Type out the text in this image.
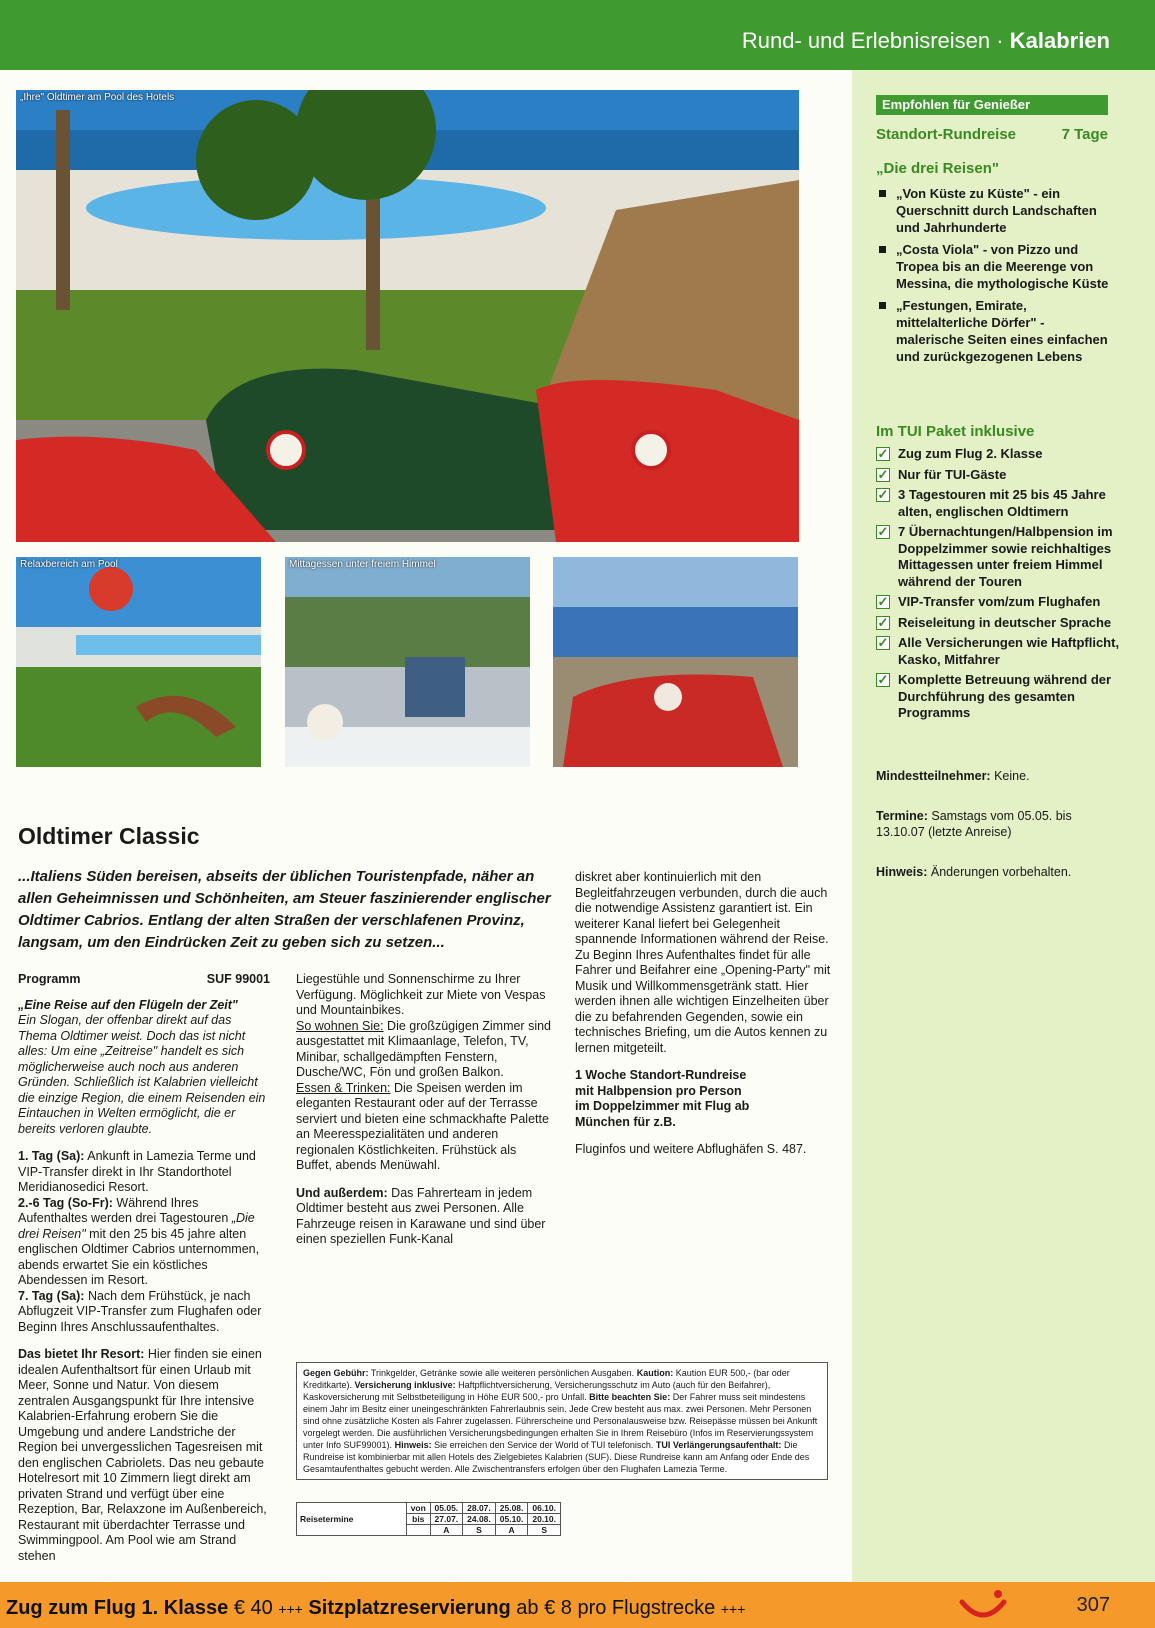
Rund- und Erlebnisreisen · Kalabrien
„Ihre" Oldtimer am Pool des Hotels
Relaxbereich am Pool	Mittagessen unter freiem Himmel
Oldtimer Classic
...Italiens Süden bereisen, abseits der üblichen Touristenpfade, näher an allen Geheimnissen und Schönheiten, am Steuer faszinierender englischer Oldtimer Cabrios. Entlang der alten Straßen der verschlafenen Provinz, langsam, um den Eindrücken Zeit zu geben sich zu setzen...
Programm	SUF 99001

„Eine Reise auf den Flügeln der Zeit"
Ein Slogan, der offenbar direkt auf das Thema Oldtimer weist. Doch das ist nicht alles: Um eine „Zeitreise" handelt es sich möglicherweise auch noch aus anderen Gründen. Schließlich ist Kalabrien vielleicht die einzige Region, die einem Reisenden ein Eintauchen in Welten ermöglicht, die er bereits verloren glaubte.

1. Tag (Sa): Ankunft in Lamezia Terme und VIP-Transfer direkt in Ihr Standorthotel Meridianosedici Resort.
2.-6 Tag (So-Fr): Während Ihres Aufenthaltes werden drei Tagestouren „Die drei Reisen" mit den 25 bis 45 jahre alten englischen Oldtimer Cabrios unternommen, abends erwartet Sie ein köstliches Abendessen im Resort.
7. Tag (Sa): Nach dem Frühstück, je nach Abflugzeit VIP-Transfer zum Flughafen oder Beginn Ihres Anschlussaufenthaltes.

Das bietet Ihr Resort: Hier finden sie einen idealen Aufenthaltsort für einen Urlaub mit Meer, Sonne und Natur. Von diesem zentralen Ausgangspunkt für Ihre intensive Kalabrien-Erfahrung erobern Sie die Umgebung und andere Landstriche der Region bei unvergesslichen Tagesreisen mit den englischen Cabriolets. Das neu gebaute Hotelresort mit 10 Zimmern liegt direkt am privaten Strand und verfügt über eine Rezeption, Bar, Relaxzone im Außenbereich, Restaurant mit überdachter Terrasse und Swimmingpool. Am Pool wie am Strand stehen

Liegestühle und Sonnenschirme zu Ihrer Verfügung. Möglichkeit zur Miete von Vespas und Mountainbikes.
So wohnen Sie: Die großzügigen Zimmer sind ausgestattet mit Klimaanlage, Telefon, TV, Minibar, schallgedämpften Fenstern, Dusche/WC, Fön und großen Balkon.
Essen & Trinken: Die Speisen werden im eleganten Restaurant oder auf der Terrasse serviert und bieten eine schmackhafte Palette an Meeresspezialitäten und anderen regionalen Köstlichkeiten. Frühstück als Buffet, abends Menüwahl.

Und außerdem: Das Fahrerteam in jedem Oldtimer besteht aus zwei Personen. Alle Fahrzeuge reisen in Karawane und sind über einen speziellen Funk-Kanal

diskret aber kontinuierlich mit den Begleitfahrzeugen verbunden, durch die auch die notwendige Assistenz garantiert ist. Ein weiterer Kanal liefert bei Gelegenheit spannende Informationen während der Reise. Zu Beginn Ihres Aufenthaltes findet für alle Fahrer und Beifahrer eine „Opening-Party" mit Musik und Willkommensgetränk statt. Hier werden ihnen alle wichtigen Einzelheiten über die zu befahrenden Gegenden, sowie ein technisches Briefing, um die Autos kennen zu lernen mitgeteilt.

1 Woche Standort-Rundreise mit Halbpension pro Person im Doppelzimmer mit Flug ab München für z.B.

Fluginfos und weitere Abflughäfen S. 487.

Gegen Gebühr: Trinkgelder, Getränke sowie alle weiteren persönlichen Ausgaben. Kaution: Kaution EUR 500,- (bar oder Kreditkarte). Versicherung inklusive: Haftpflichtversicherung, Versicherungsschutz im Auto (auch für den Beifahrer), Kaskoversicherung mit Selbstbeteiligung in Höhe EUR 500,- pro Unfall. Bitte beachten Sie: Der Fahrer muss seit mindestens einem Jahr im Besitz einer uneingeschränkten Fahrerlaubnis sein. Jede Crew besteht aus max. zwei Personen. Mehr Personen sind ohne zusätzliche Kosten als Fahrer zugelassen. Führerscheine und Personalausweise bzw. Reisepässe müssen bei Ankunft vorgelegt werden. Die ausführlichen Versicherungsbedingungen erhalten Sie in Ihrem Reisebüro (Infos im Reservierungssystem unter Info SUF99001). Hinweis: Sie erreichen den Service der World of TUI telefonisch. TUI Verlängerungsaufenthalt: Die Rundreise ist kombinierbar mit allen Hotels des Zielgebietes Kalabrien (SUF). Diese Rundreise kann am Anfang oder Ende des Gesamtaufenthaltes gebucht werden. Alle Zwischentransfers erfolgen über den Flughafen Lamezia Terme.
Reisetermine	von	05.05.	28.07.	25.08.	06.10.
	bis	27.07.	24.08.	05.10.	20.10.
		A	S	A	S
Empfohlen für Genießer
Standort-Rundreise	7 Tage
„Die drei Reisen"
„Von Küste zu Küste" - ein Querschnitt durch Landschaften und Jahrhunderte
„Costa Viola" - von Pizzo und Tropea bis an die Meerenge von Messina, die mythologische Küste
„Festungen, Emirate, mittelalterliche Dörfer" - malerische Seiten eines einfachen und zurückgezogenen Lebens
Im TUI Paket inklusive
✓ Zug zum Flug 2. Klasse
✓ Nur für TUI-Gäste
✓ 3 Tagestouren mit 25 bis 45 Jahre alten, englischen Oldtimern
✓ 7 Übernachtungen/Halbpension im Doppelzimmer sowie reichhaltiges Mittagessen unter freiem Himmel während der Touren
✓ VIP-Transfer vom/zum Flughafen
✓ Reiseleitung in deutscher Sprache
✓ Alle Versicherungen wie Haftpflicht, Kasko, Mitfahrer
✓ Komplette Betreuung während der Durchführung des gesamten Programms
Mindestteilnehmer: Keine.
Termine: Samstags vom 05.05. bis 13.10.07 (letzte Anreise)
Hinweis: Änderungen vorbehalten.
Zug zum Flug 1. Klasse € 40 +++ Sitzplatzreservierung ab € 8 pro Flugstrecke +++	307
